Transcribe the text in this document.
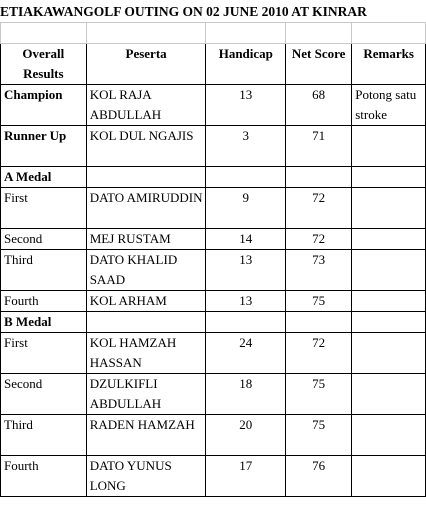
ETIAKAWANGOLF OUTING ON 02 JUNE 2010 AT KINRAR

Overall Results	Peserta	Handicap	Net Score	Remarks
Champion	KOL RAJA ABDULLAH	13	68	Potong satu stroke
Runner Up	KOL DUL NGAJIS	3	71	
A Medal				
First	DATO AMIRUDDIN	9	72	
Second	MEJ RUSTAM	14	72	
Third	DATO KHALID SAAD	13	73	
Fourth	KOL ARHAM	13	75	
B Medal				
First	KOL HAMZAH HASSAN	24	72	
Second	DZULKIFLI ABDULLAH	18	75	
Third	RADEN HAMZAH	20	75	
Fourth	DATO YUNUS LONG	17	76	
